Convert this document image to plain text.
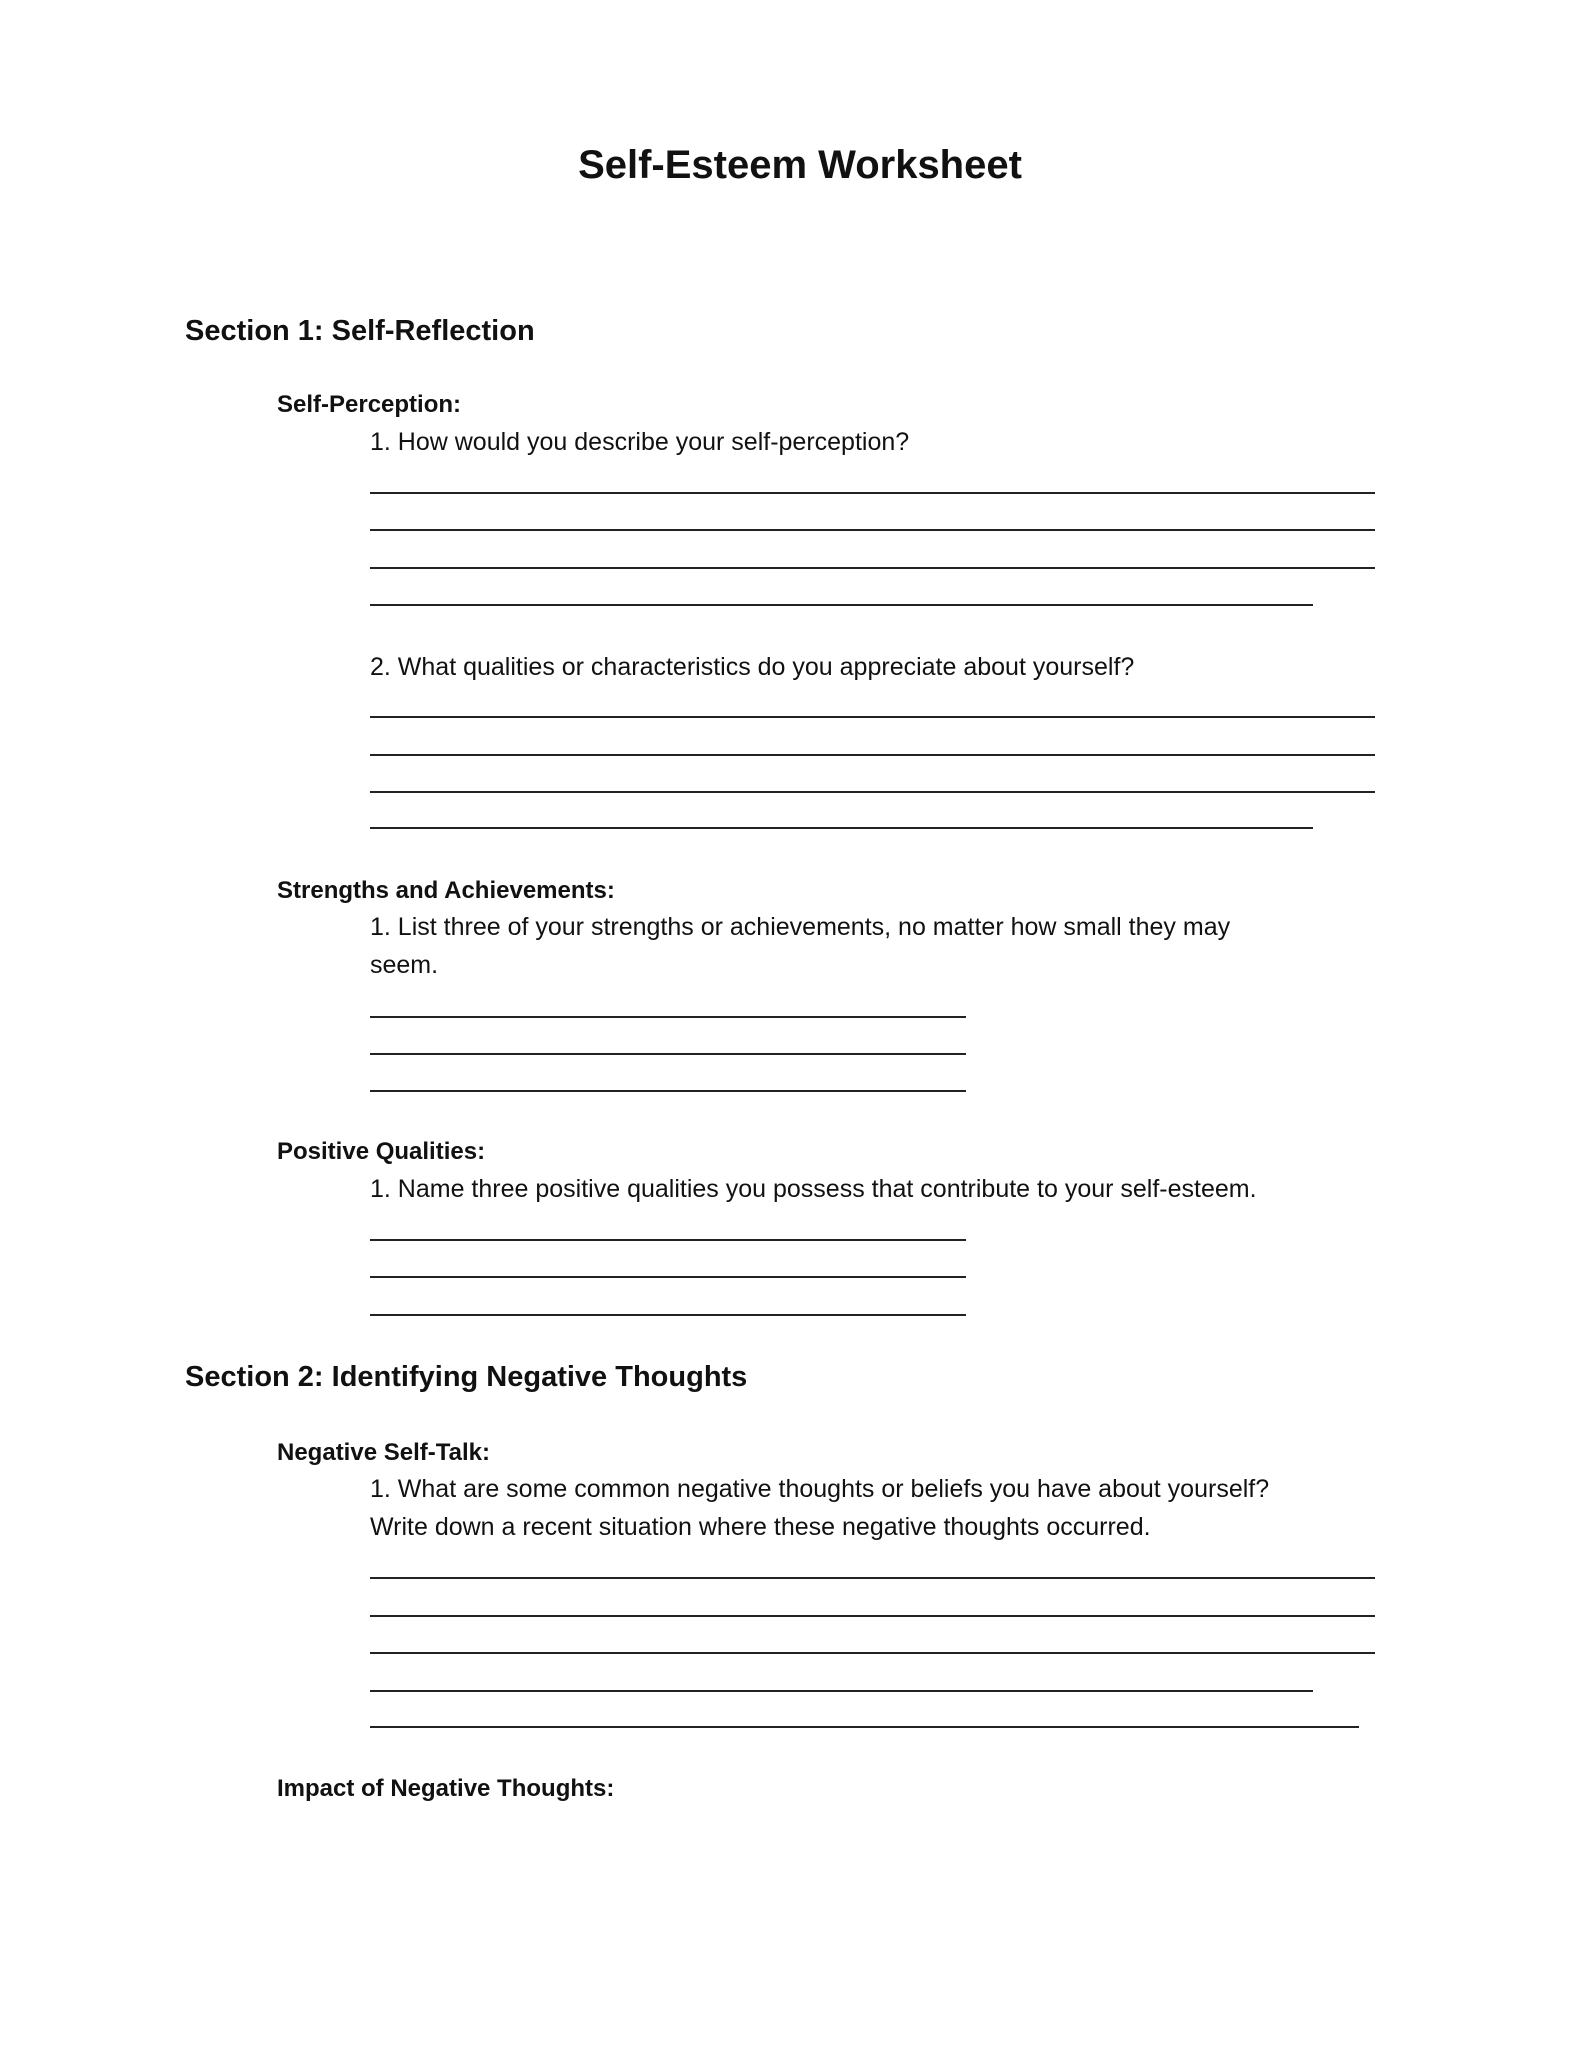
Self-Esteem Worksheet
Section 1: Self-Reflection
Self-Perception:
1. How would you describe your self-perception?
2. What qualities or characteristics do you appreciate about yourself?
Strengths and Achievements:
1. List three of your strengths or achievements, no matter how small they may
seem.
Positive Qualities:
1. Name three positive qualities you possess that contribute to your self-esteem.
Section 2: Identifying Negative Thoughts
Negative Self-Talk:
1. What are some common negative thoughts or beliefs you have about yourself?
Write down a recent situation where these negative thoughts occurred.
Impact of Negative Thoughts:
